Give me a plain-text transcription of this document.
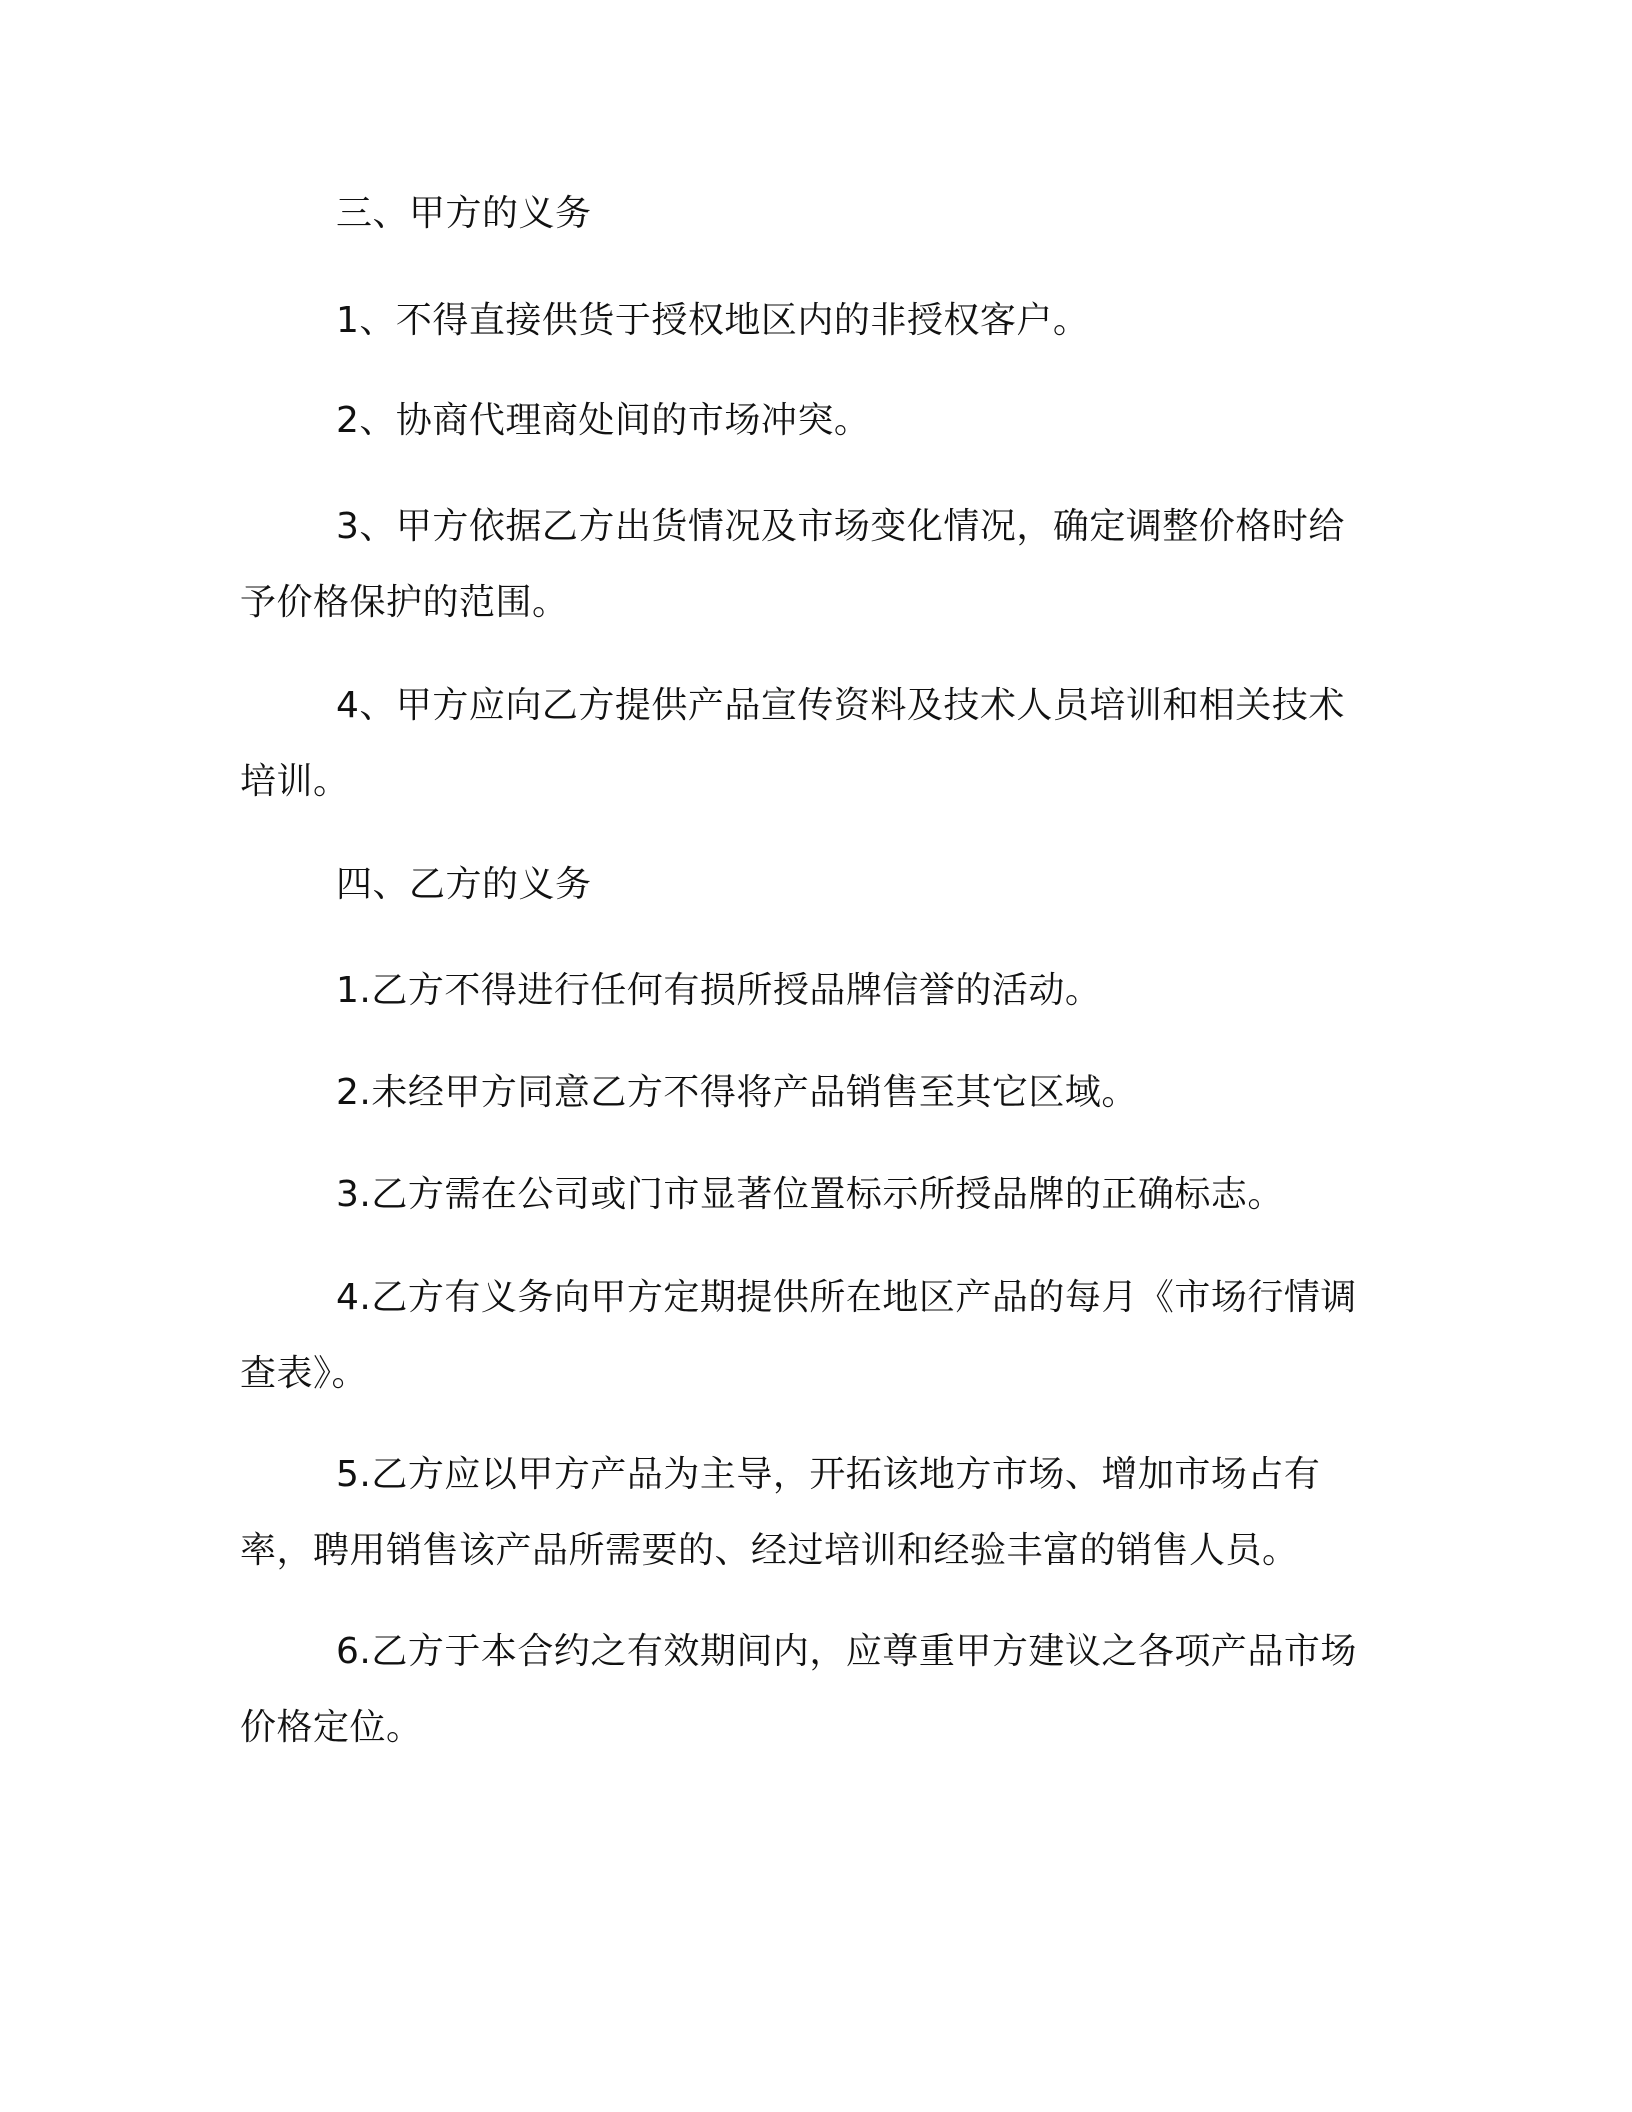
三、甲方的义务

1、不得直接供货于授权地区内的非授权客户。

2、协商代理商处间的市场冲突。

3、甲方依据乙方出货情况及市场变化情况，确定调整价格时给予价格保护的范围。

4、甲方应向乙方提供产品宣传资料及技术人员培训和相关技术培训。

四、乙方的义务

1.乙方不得进行任何有损所授品牌信誉的活动。

2.未经甲方同意乙方不得将产品销售至其它区域。

3.乙方需在公司或门市显著位置标示所授品牌的正确标志。

4.乙方有义务向甲方定期提供所在地区产品的每月《市场行情调查表》。

5.乙方应以甲方产品为主导，开拓该地方市场、增加市场占有率，聘用销售该产品所需要的、经过培训和经验丰富的销售人员。

6.乙方于本合约之有效期间内，应尊重甲方建议之各项产品市场价格定位。
